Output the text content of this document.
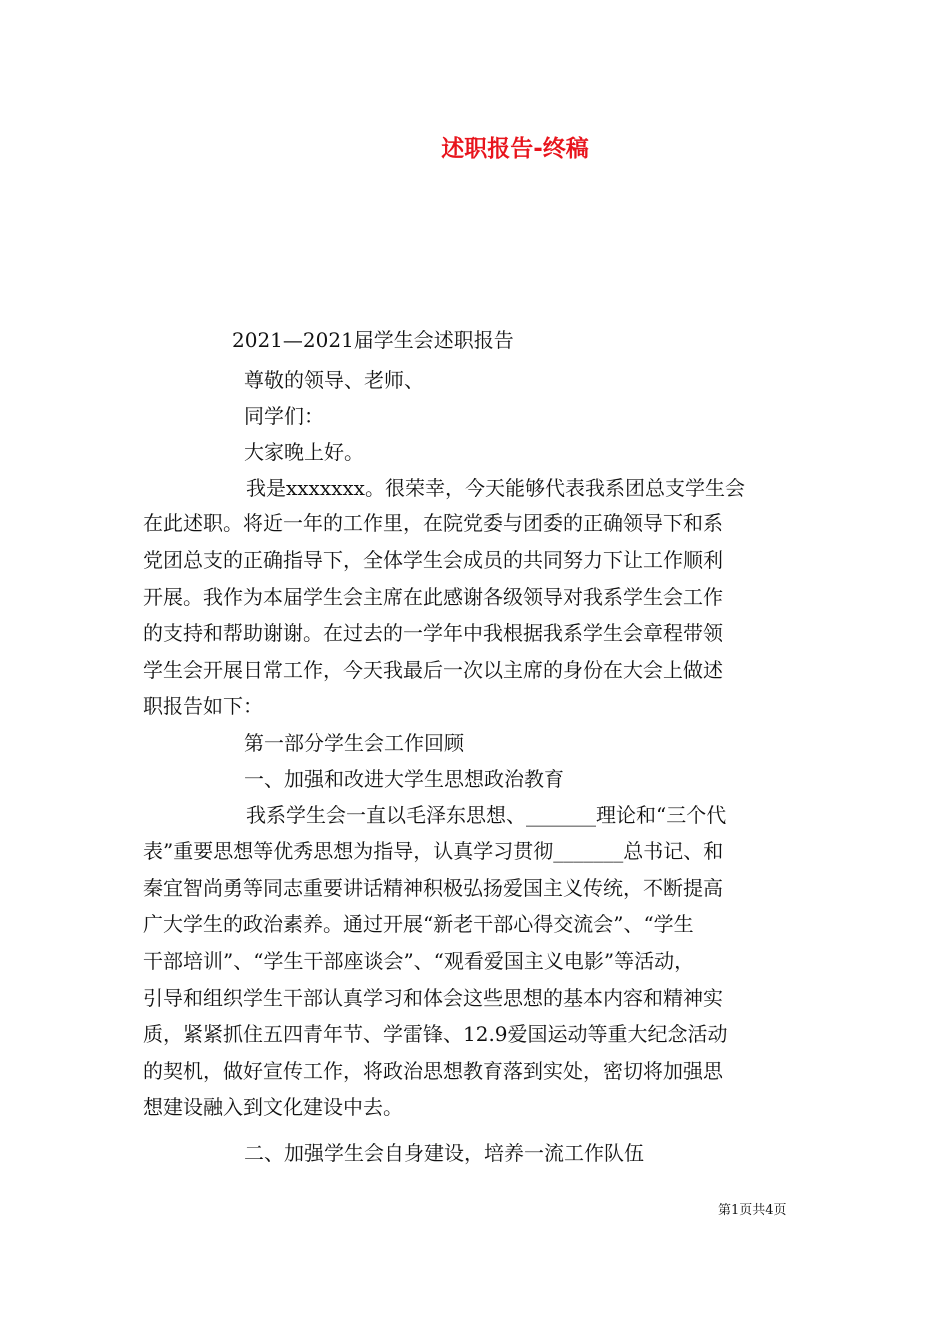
述职报告-终稿
2021—2021届学生会述职报告
尊敬的领导、老师、
同学们：
大家晚上好。
我是xxxxxxx。很荣幸，今天能够代表我系团总支学生会
在此述职。将近一年的工作里，在院党委与团委的正确领导下和系
党团总支的正确指导下，全体学生会成员的共同努力下让工作顺利
开展。我作为本届学生会主席在此感谢各级领导对我系学生会工作
的支持和帮助谢谢。在过去的一学年中我根据我系学生会章程带领
学生会开展日常工作，今天我最后一次以主席的身份在大会上做述
职报告如下：
第一部分学生会工作回顾
一、加强和改进大学生思想政治教育
我系学生会一直以毛泽东思想、_______理论和“三个代
表”重要思想等优秀思想为指导，认真学习贯彻_______总书记、和
秦宜智尚勇等同志重要讲话精神积极弘扬爱国主义传统，不断提高
广大学生的政治素养。通过开展“新老干部心得交流会”、“学生
干部培训”、“学生干部座谈会”、“观看爱国主义电影”等活动，
引导和组织学生干部认真学习和体会这些思想的基本内容和精神实
质，紧紧抓住五四青年节、学雷锋、12.9爱国运动等重大纪念活动
的契机，做好宣传工作，将政治思想教育落到实处，密切将加强思
想建设融入到文化建设中去。
二、加强学生会自身建设，培养一流工作队伍
第1页共4页
